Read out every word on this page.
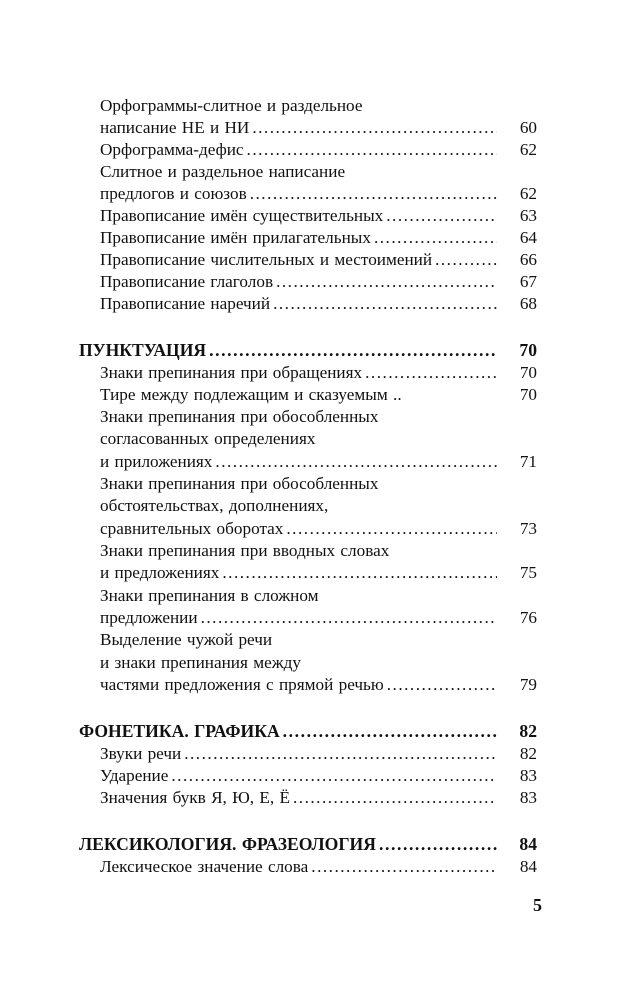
Орфограммы-слитное и раздельное
написание НЕ и НИ . . .	60
Орфограмма-дефис . . .	62
Слитное и раздельное написание
предлогов и союзов . . .	62
Правописание имён существительных . . .	63
Правописание имён прилагательных . . .	64
Правописание числительных и местоимений . . .	66
Правописание глаголов . . .	67
Правописание наречий . . .	68
ПУНКТУАЦИЯ . . .	70
Знаки препинания при обращениях . . .	70
Тире между подлежащим и сказуемым ..	70
Знаки препинания при обособленных
согласованных определениях
и приложениях . . .	71
Знаки препинания при обособленных
обстоятельствах, дополнениях,
сравнительных оборотах . . .	73
Знаки препинания при вводных словах
и предложениях . . .	75
Знаки препинания в сложном
предложении . . .	76
Выделение чужой речи
и знаки препинания между
частями предложения с прямой речью . . .	79
ФОНЕТИКА. ГРАФИКА . . .	82
Звуки речи . . .	82
Ударение . . .	83
Значения букв Я, Ю, Е, Ё . . .	83
ЛЕКСИКОЛОГИЯ. ФРАЗЕОЛОГИЯ . . .	84
Лексическое значение слова . . .	84
5
